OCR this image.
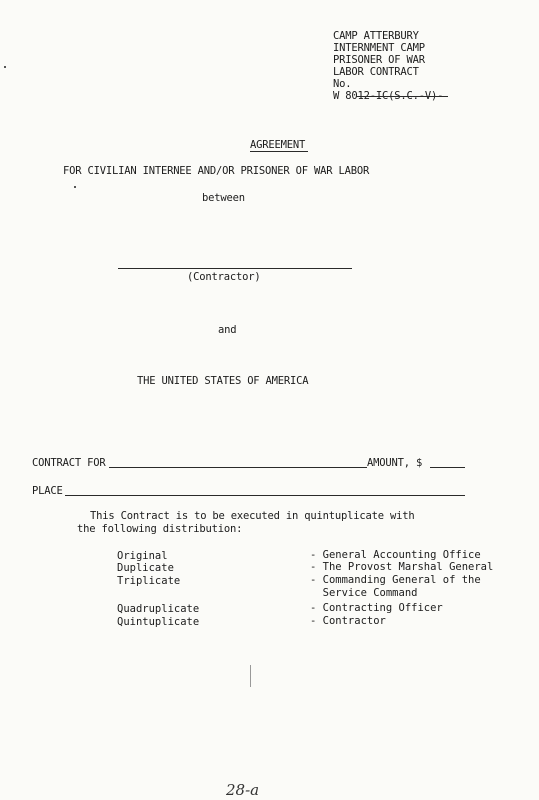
CAMP ATTERBURY
INTERNMENT CAMP
PRISONER OF WAR
LABOR CONTRACT
No.
W 8012-IC(S.C.-V)-
AGREEMENT
FOR CIVILIAN INTERNEE AND/OR PRISONER OF WAR LABOR
between
(Contractor)
and
THE UNITED STATES OF AMERICA
CONTRACT FOR	AMOUNT, $
PLACE
This Contract is to be executed in quintuplicate with
the following distribution:
Original	- General Accounting Office
Duplicate	- The Provost Marshal General
Triplicate	- Commanding General of the
Service Command
Quadruplicate	- Contracting Officer
Quintuplicate	- Contractor
28-a
